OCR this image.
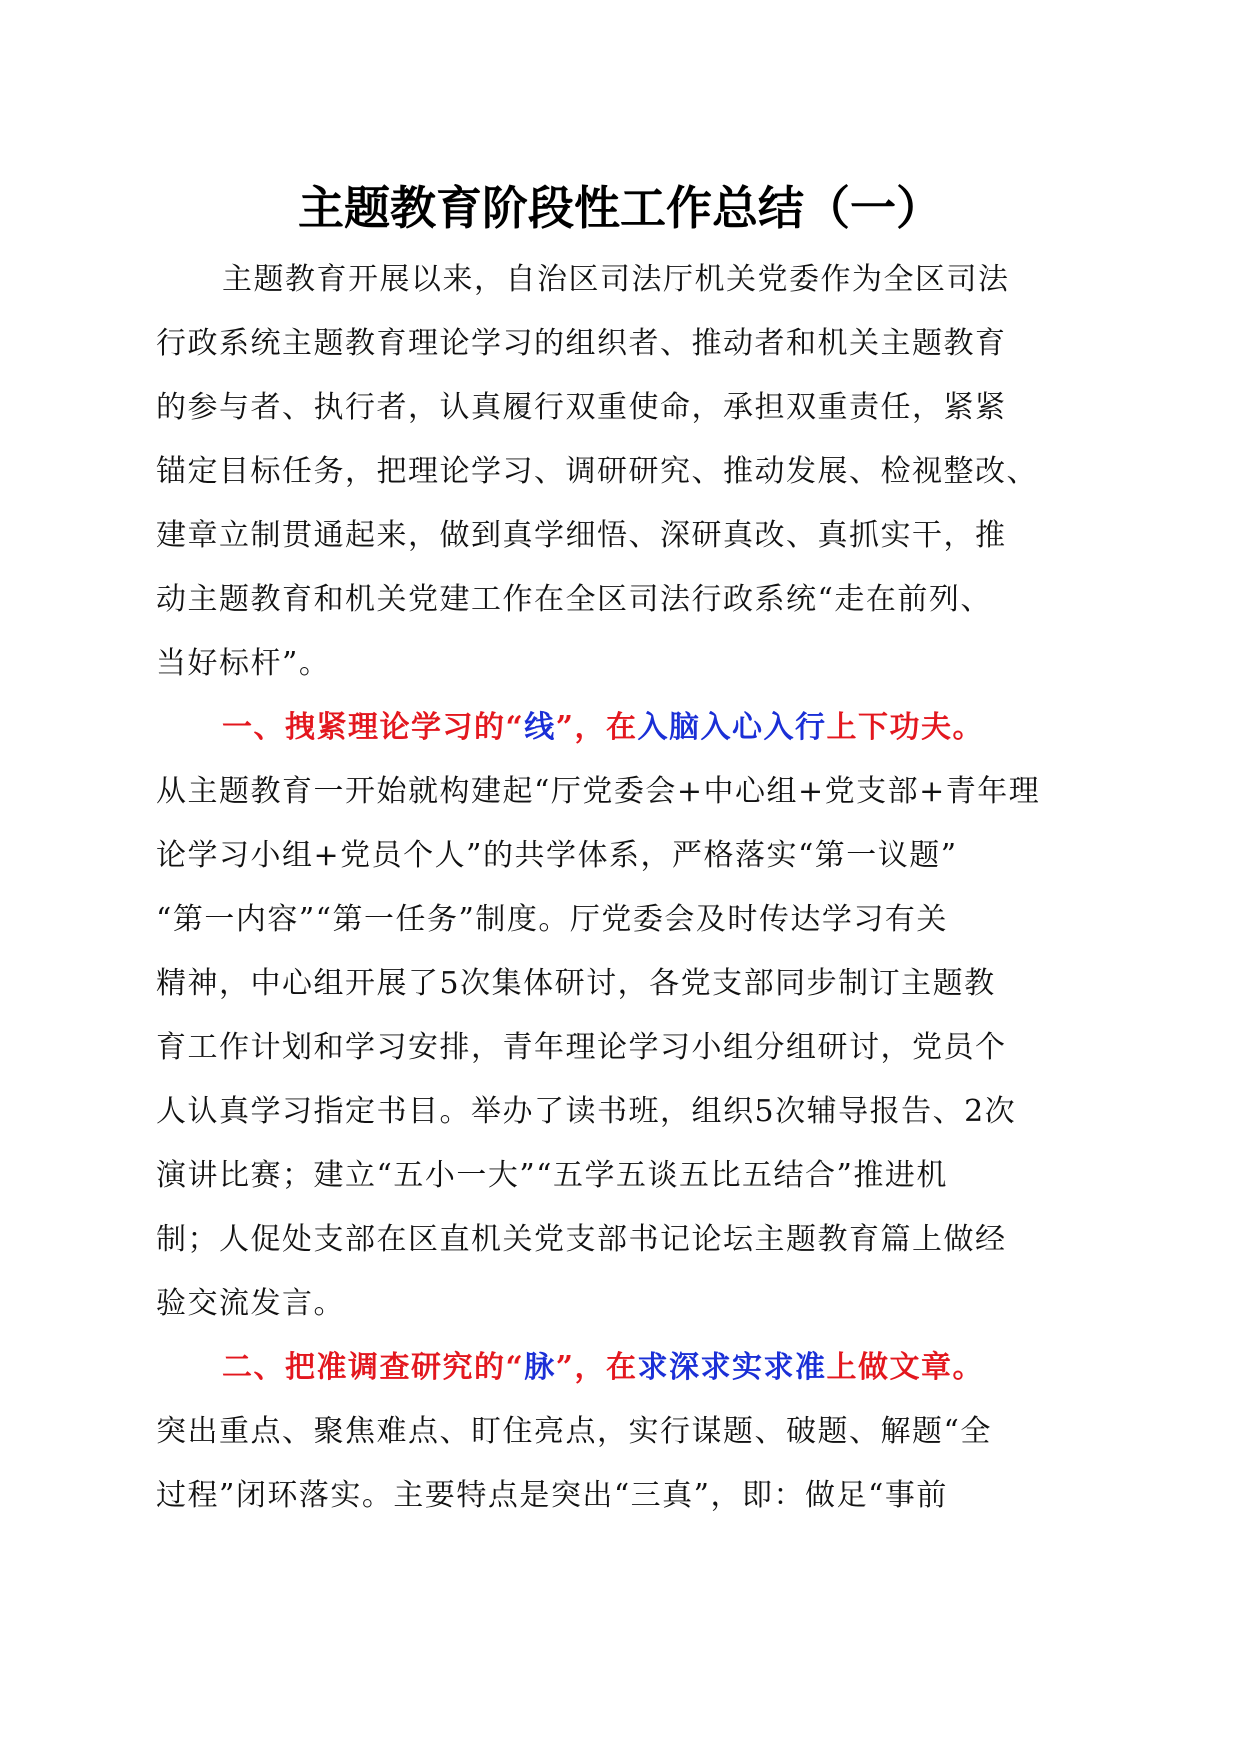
主题教育阶段性工作总结（一）
主题教育开展以来，自治区司法厅机关党委作为全区司法
行政系统主题教育理论学习的组织者、推动者和机关主题教育
的参与者、执行者，认真履行双重使命，承担双重责任，紧紧
锚定目标任务，把理论学习、调研研究、推动发展、检视整改、
建章立制贯通起来，做到真学细悟、深研真改、真抓实干，推
动主题教育和机关党建工作在全区司法行政系统“走在前列、
当好标杆”。
一、拽紧理论学习的“线”，在入脑入心入行上下功夫。
从主题教育一开始就构建起“厅党委会+中心组+党支部+青年理
论学习小组+党员个人”的共学体系，严格落实“第一议题”
“第一内容”“第一任务”制度。厅党委会及时传达学习有关
精神，中心组开展了5次集体研讨，各党支部同步制订主题教
育工作计划和学习安排，青年理论学习小组分组研讨，党员个
人认真学习指定书目。举办了读书班，组织5次辅导报告、2次
演讲比赛；建立“五小一大”“五学五谈五比五结合”推进机
制；人促处支部在区直机关党支部书记论坛主题教育篇上做经
验交流发言。
二、把准调查研究的“脉”，在求深求实求准上做文章。
突出重点、聚焦难点、盯住亮点，实行谋题、破题、解题“全
过程”闭环落实。主要特点是突出“三真”，即：做足“事前
